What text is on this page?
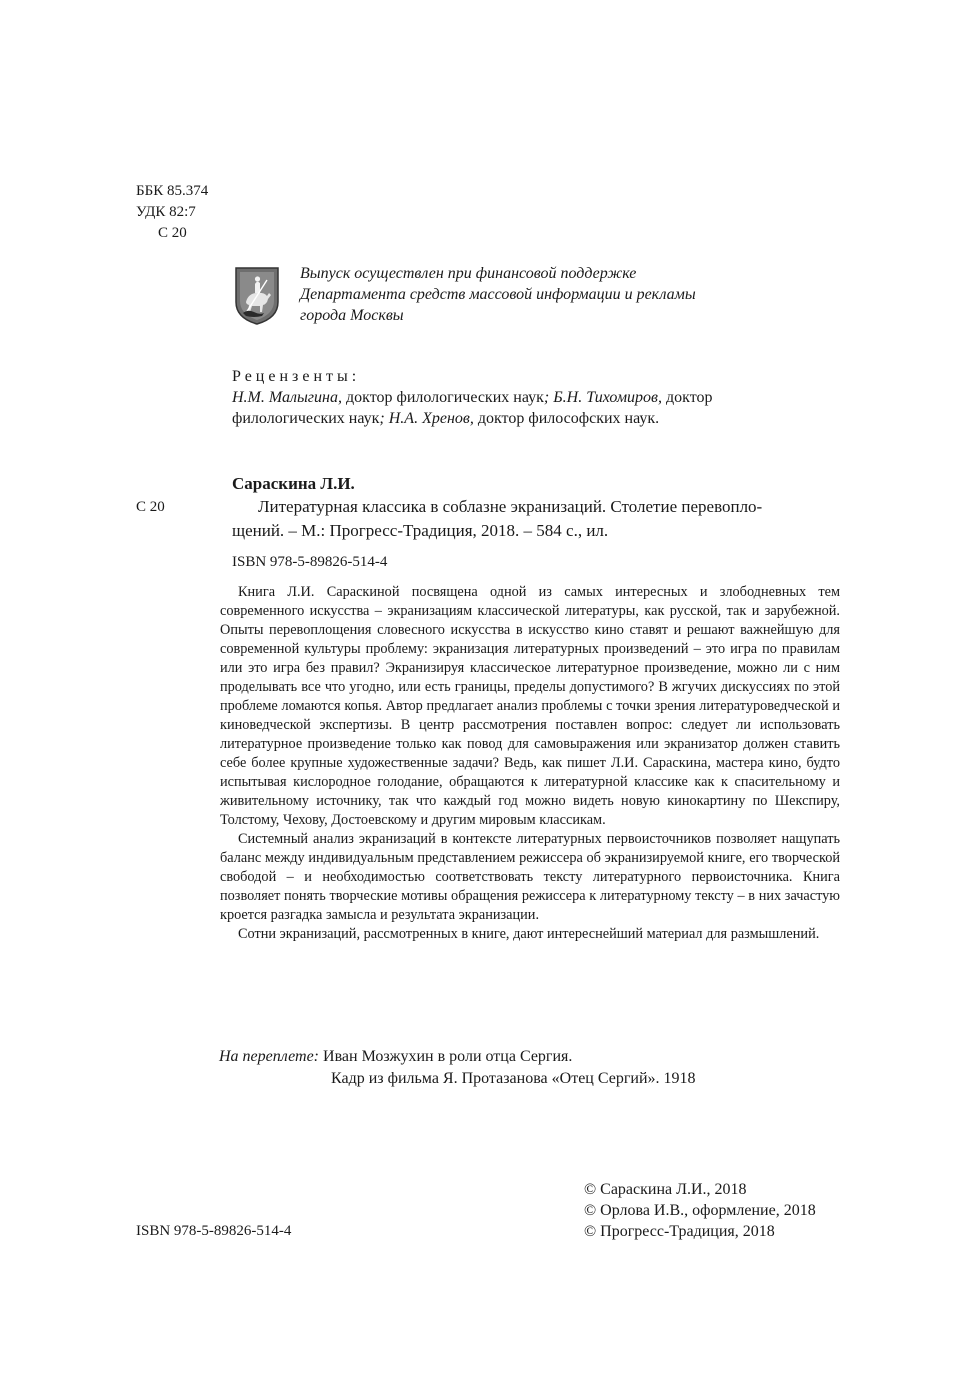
ББК 85.374
УДК 82:7
С 20
Выпуск осуществлен при финансовой поддержке
Департамента средств массовой информации и рекламы
города Москвы
Рецензенты:
Н.М. Малыгина, доктор филологических наук; Б.Н. Тихомиров, доктор
филологических наук; Н.А. Хренов, доктор философских наук.
Сараскина Л.И.
С 20	Литературная классика в соблазне экранизаций. Столетие перевопло-
щений. – М.: Прогресс-Традиция, 2018. – 584 с., ил.
ISBN 978-5-89826-514-4

Книга Л.И. Сараскиной посвящена одной из самых интересных и злободневных тем современного искусства – экранизациям классической литературы, как русской, так и зарубежной. Опыты перевоплощения словесного искусства в искусство кино ставят и решают важнейшую для современной культуры проблему: экранизация литературных произведений – это игра по правилам или это игра без правил? Экранизируя классическое литературное произведение, можно ли с ним проделывать все что угодно, или есть границы, пределы допустимого? В жгучих дискуссиях по этой проблеме ломаются копья. Автор предлагает анализ проблемы с точки зрения литературоведческой и киноведческой экспертизы. В центр рассмотрения поставлен вопрос: следует ли использовать литературное произведение только как повод для самовыражения или экранизатор должен ставить себе более крупные художественные задачи? Ведь, как пишет Л.И. Сараскина, мастера кино, будто испытывая кислородное голодание, обращаются к литературной классике как к спасительному и живительному источнику, так что каждый год можно видеть новую кинокартину по Шекспиру, Толстому, Чехову, Достоевскому и другим мировым классикам.

Системный анализ экранизаций в контексте литературных первоисточников позволяет нащупать баланс между индивидуальным представлением режиссера об экранизируемой книге, его творческой свободой – и необходимостью соответствовать тексту литературного первоисточника. Книга позволяет понять творческие мотивы обращения режиссера к литературному тексту – в них зачастую кроется разгадка замысла и результата экранизации.

Сотни экранизаций, рассмотренных в книге, дают интереснейший материал для размышлений.

На переплете: Иван Мозжухин в роли отца Сергия.
Кадр из фильма Я. Протазанова «Отец Сергий». 1918
ISBN 978-5-89826-514-4
© Сараскина Л.И., 2018
© Орлова И.В., оформление, 2018
© Прогресс-Традиция, 2018
